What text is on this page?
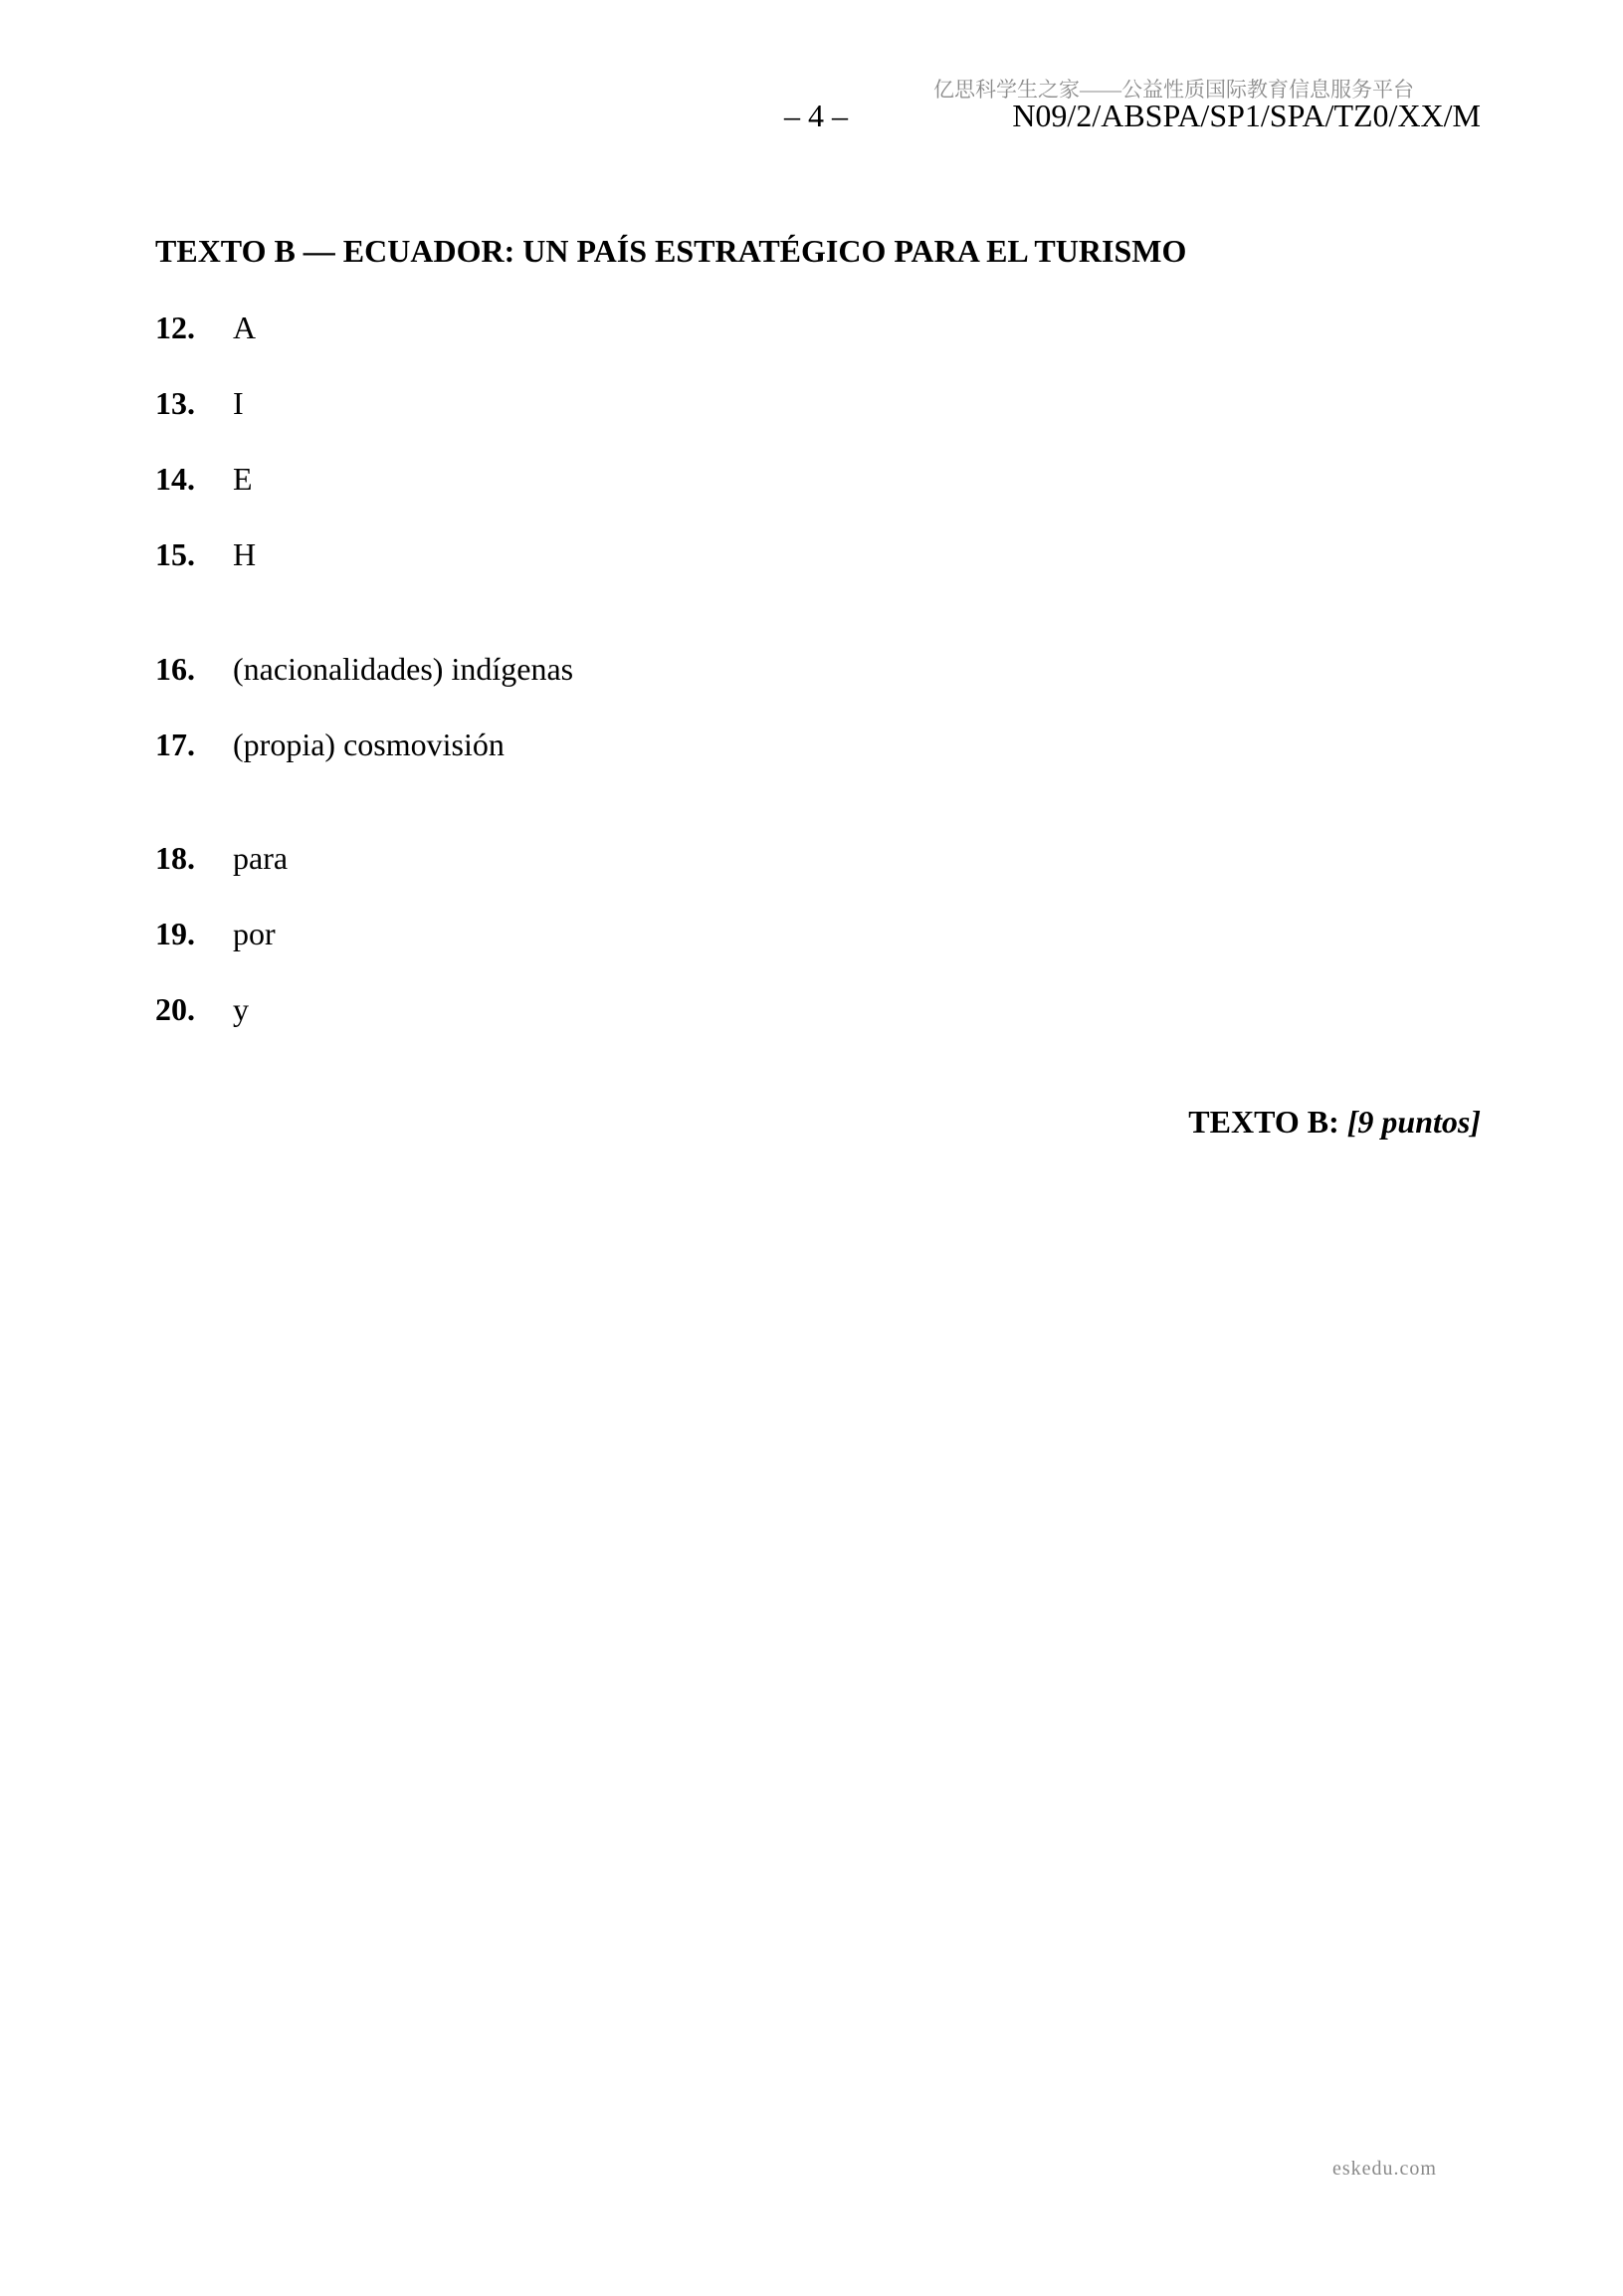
亿思科学生之家——公益性质国际教育信息服务平台
– 4 –	N09/2/ABSPA/SP1/SPA/TZ0/XX/M
TEXTO B — ECUADOR: UN PAÍS ESTRATÉGICO PARA EL TURISMO
12. A
13. I
14. E
15. H
16. (nacionalidades) indígenas
17. (propia) cosmovisión
18. para
19. por
20. y
TEXTO B: [9 puntos]
eskedu.com
